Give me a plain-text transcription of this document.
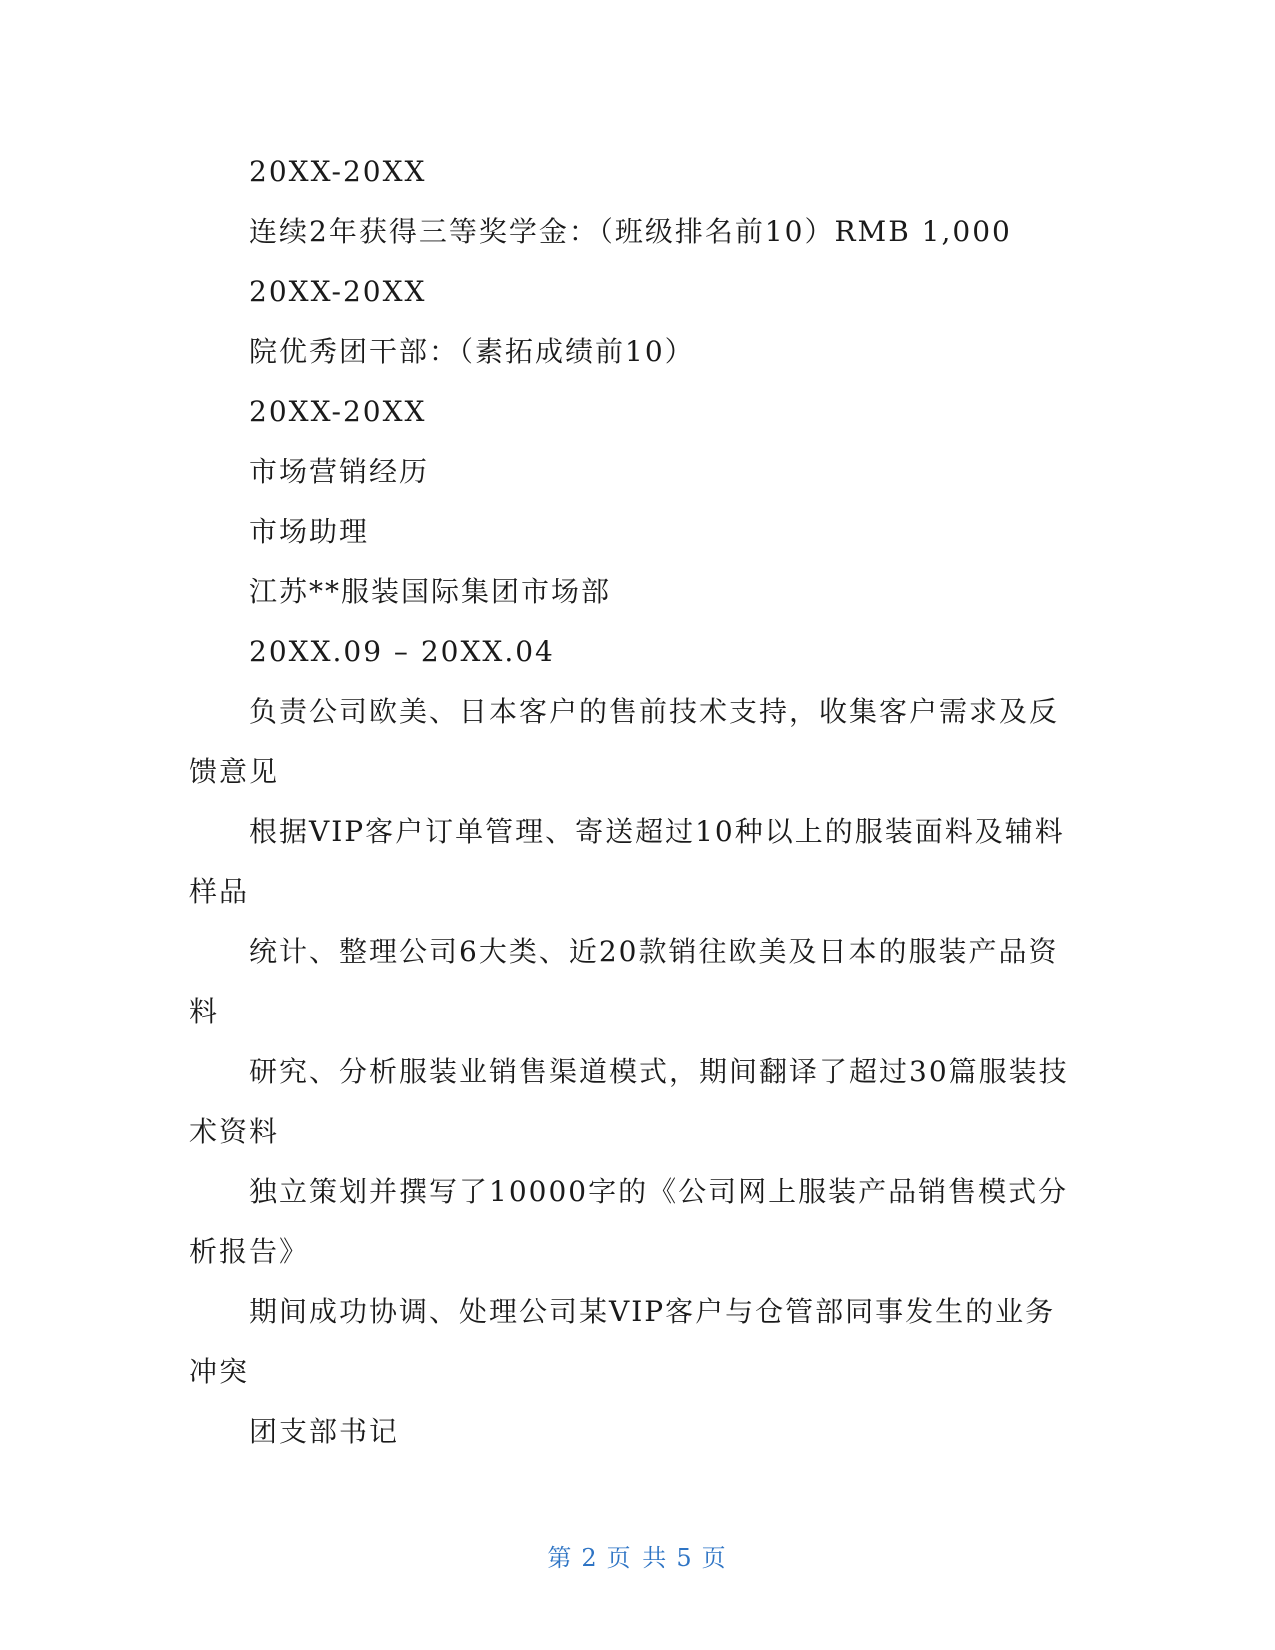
20XX-20XX

连续2年获得三等奖学金：（班级排名前10）RMB 1,000

20XX-20XX

院优秀团干部：（素拓成绩前10）

20XX-20XX

市场营销经历

市场助理

江苏**服装国际集团市场部

20XX.09 – 20XX.04

负责公司欧美、日本客户的售前技术支持，收集客户需求及反馈意见

根据VIP客户订单管理、寄送超过10种以上的服装面料及辅料样品

统计、整理公司6大类、近20款销往欧美及日本的服装产品资料

研究、分析服装业销售渠道模式，期间翻译了超过30篇服装技术资料

独立策划并撰写了10000字的《公司网上服装产品销售模式分析报告》

期间成功协调、处理公司某VIP客户与仓管部同事发生的业务冲突

团支部书记

第 2 页 共 5 页
